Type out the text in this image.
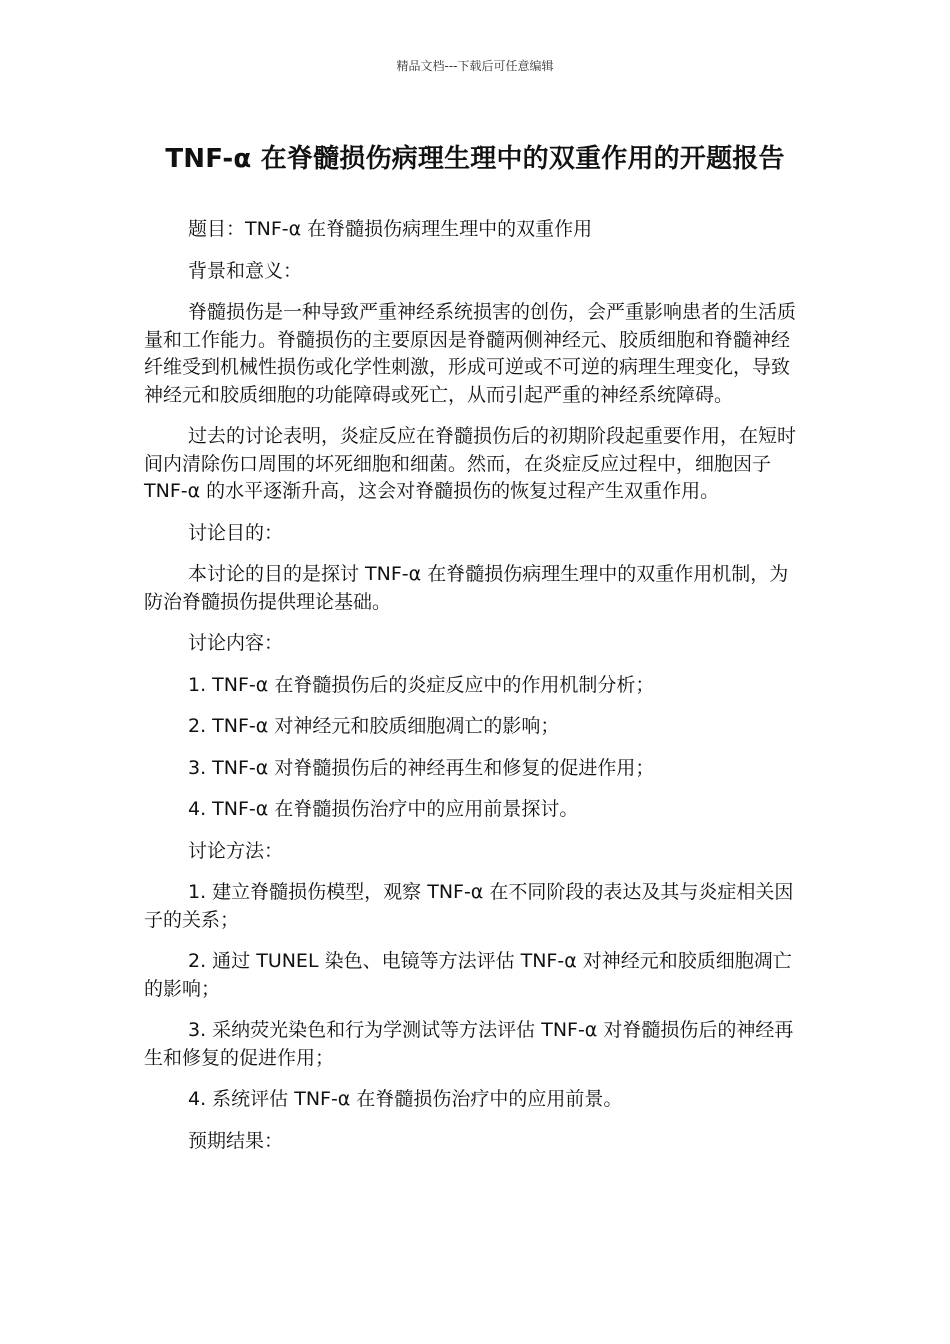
精品文档---下载后可任意编辑
TNF-α 在脊髓损伤病理生理中的双重作用的开题报告

题目：TNF-α 在脊髓损伤病理生理中的双重作用

背景和意义：

脊髓损伤是一种导致严重神经系统损害的创伤，会严重影响患者的生活质量和工作能力。脊髓损伤的主要原因是脊髓两侧神经元、胶质细胞和脊髓神经纤维受到机械性损伤或化学性刺激，形成可逆或不可逆的病理生理变化，导致神经元和胶质细胞的功能障碍或死亡，从而引起严重的神经系统障碍。

过去的讨论表明，炎症反应在脊髓损伤后的初期阶段起重要作用，在短时间内清除伤口周围的坏死细胞和细菌。然而，在炎症反应过程中，细胞因子 TNF-α 的水平逐渐升高，这会对脊髓损伤的恢复过程产生双重作用。

讨论目的：

本讨论的目的是探讨 TNF-α 在脊髓损伤病理生理中的双重作用机制，为防治脊髓损伤提供理论基础。

讨论内容：

1. TNF-α 在脊髓损伤后的炎症反应中的作用机制分析；

2. TNF-α 对神经元和胶质细胞凋亡的影响；

3. TNF-α 对脊髓损伤后的神经再生和修复的促进作用；

4. TNF-α 在脊髓损伤治疗中的应用前景探讨。

讨论方法：

1. 建立脊髓损伤模型，观察 TNF-α 在不同阶段的表达及其与炎症相关因子的关系；

2. 通过 TUNEL 染色、电镜等方法评估 TNF-α 对神经元和胶质细胞凋亡的影响；

3. 采纳荧光染色和行为学测试等方法评估 TNF-α 对脊髓损伤后的神经再生和修复的促进作用；

4. 系统评估 TNF-α 在脊髓损伤治疗中的应用前景。

预期结果：
